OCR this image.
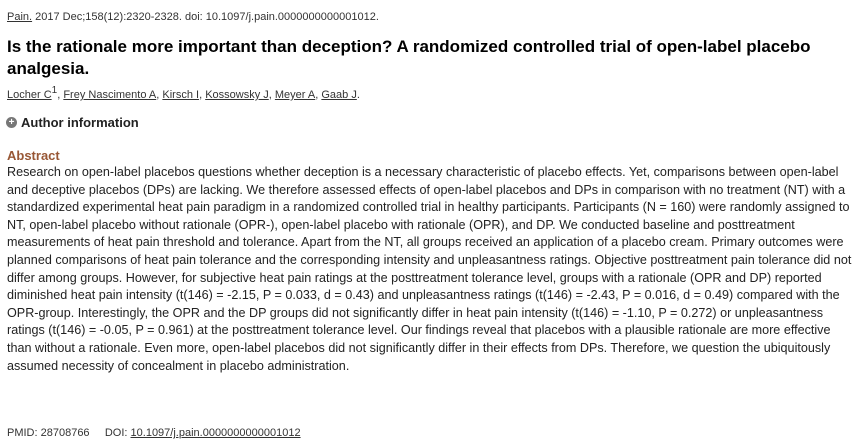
Pain. 2017 Dec;158(12):2320-2328. doi: 10.1097/j.pain.0000000000001012.
Is the rationale more important than deception? A randomized controlled trial of open-label placebo analgesia.
Locher $C^1$, Frey Nascimento A, Kirsch I, Kossowsky J, Meyer A, Gaab J.
+ Author information
Abstract

Research on open-label placebos questions whether deception is a necessary characteristic of placebo effects. Yet, comparisons between open-label and deceptive placebos (DPs) are lacking. We therefore assessed effects of open-label placebos and DPs in comparison with no treatment (NT) with a standardized experimental heat pain paradigm in a randomized controlled trial in healthy participants. Participants (N = 160) were randomly assigned to NT, open-label placebo without rationale (OPR-), open-label placebo with rationale (OPR), and DP. We conducted baseline and posttreatment measurements of heat pain threshold and tolerance. Apart from the NT, all groups received an application of a placebo cream. Primary outcomes were planned comparisons of heat pain tolerance and the corresponding intensity and unpleasantness ratings. Objective posttreatment pain tolerance did not differ among groups. However, for subjective heat pain ratings at the posttreatment tolerance level, groups with a rationale (OPR and DP) reported diminished heat pain intensity (t(146) = -2.15, P = 0.033, d = 0.43) and unpleasantness ratings (t(146) = -2.43, P = 0.016, d = 0.49) compared with the OPR-group. Interestingly, the OPR and the DP groups did not significantly differ in heat pain intensity (t(146) = -1.10, P = 0.272) or unpleasantness ratings (t(146) = -0.05, P = 0.961) at the posttreatment tolerance level. Our findings reveal that placebos with a plausible rationale are more effective than without a rationale. Even more, open-label placebos did not significantly differ in their effects from DPs. Therefore, we question the ubiquitously assumed necessity of concealment in placebo administration.

PMID: 28708766 DOI: 10.1097/j.pain.0000000000001012
